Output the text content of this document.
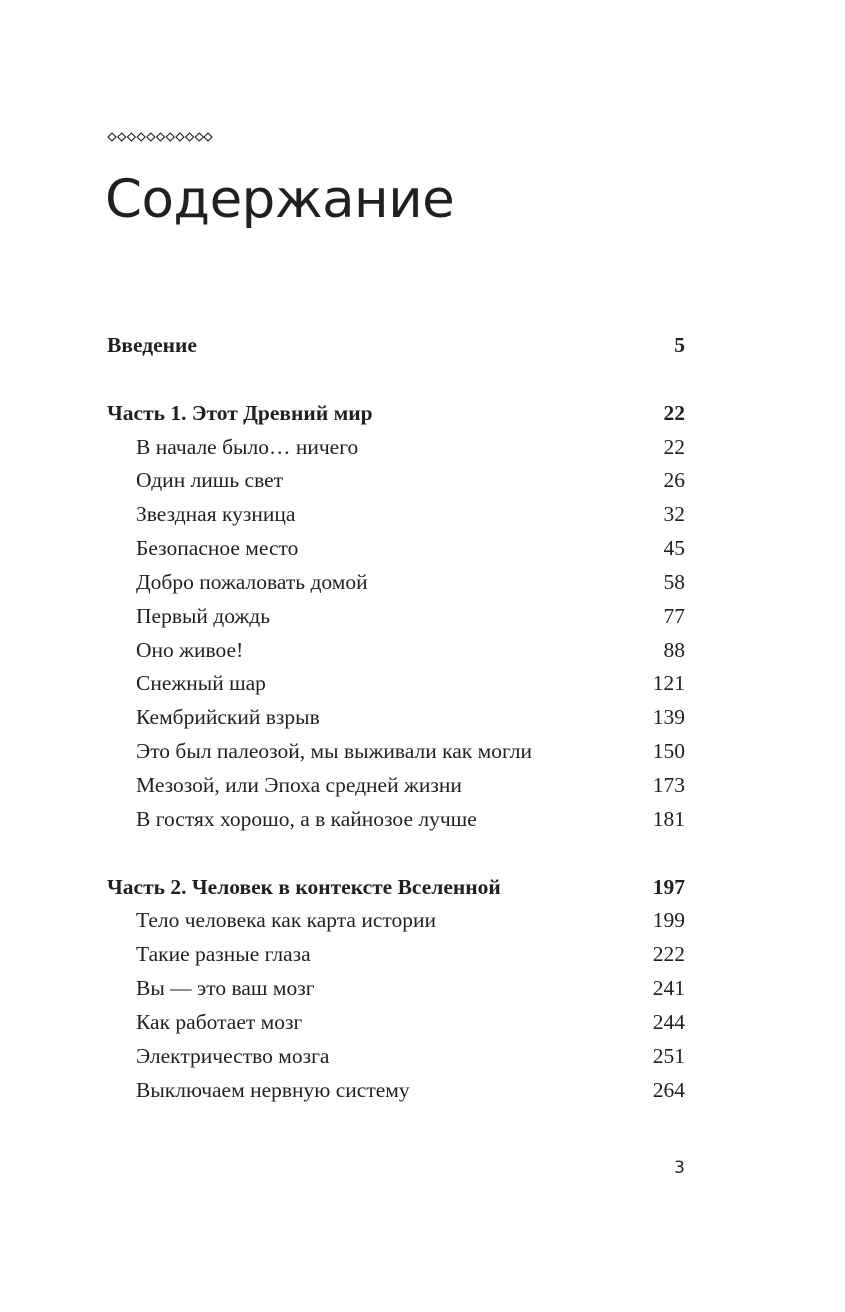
Содержание
Введение	5
Часть 1. Этот Древний мир	22
В начале было… ничего	22
Один лишь свет	26
Звездная кузница	32
Безопасное место	45
Добро пожаловать домой	58
Первый дождь	77
Оно живое!	88
Снежный шар	121
Кембрийский взрыв	139
Это был палеозой, мы выживали как могли	150
Мезозой, или Эпоха средней жизни	173
В гостях хорошо, а в кайнозое лучше	181
Часть 2. Человек в контексте Вселенной	197
Тело человека как карта истории	199
Такие разные глаза	222
Вы — это ваш мозг	241
Как работает мозг	244
Электричество мозга	251
Выключаем нервную систему	264
3
